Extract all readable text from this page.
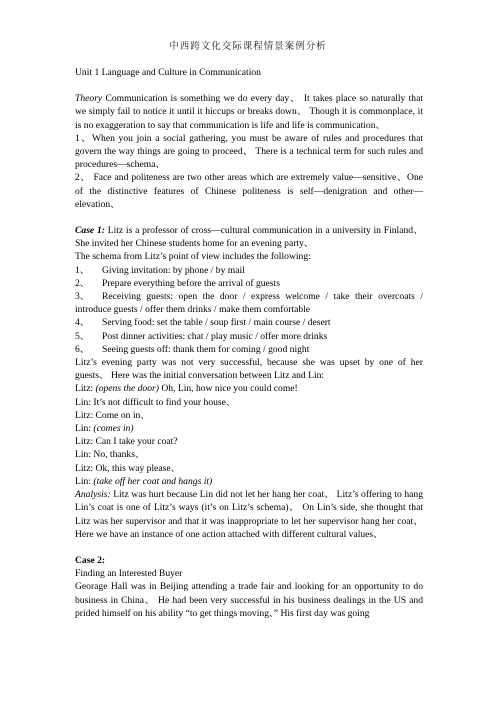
中西跨文化交际课程情景案例分析

Unit 1 Language and Culture in Communication

Theory Communication is something we do every day、 It takes place so naturally that we simply fail to notice it until it hiccups or breaks down、 Though it is commonplace, it is no exaggeration to say that communication is life and life is communication、

1、When you join a social gathering, you must be aware of rules and procedures that govern the way things are going to proceed、 There is a technical term for such rules and procedures—schema、

2、 Face and politeness are two other areas which are extremely value—sensitive、One of the distinctive features of Chinese politeness is self—denigration and other—elevation、

Case 1: Litz is a professor of cross—cultural communication in a university in Finland、 She invited her Chinese students home for an evening party、

The schema from Litz’s point of view includes the following:

1、 Giving invitation: by phone / by mail

2、 Prepare everything before the arrival of guests

3、 Receiving guests: open the door / express welcome / take their overcoats / introduce guests / offer them drinks / make them comfortable

4、 Serving food: set the table / soup first / main course / desert

5、 Post dinner activities: chat / play music / offer more drinks

6、 Seeing guests off: thank them for coming / good night

Litz’s evening party was not very successful, because she was upset by one of her guests、 Here was the initial conversation between Litz and Lin:

Litz: (opens the door) Oh, Lin, how nice you could come!

Lin: It’s not difficult to find your house、

Litz: Come on in、

Lin: (comes in)

Litz: Can I take your coat?

Lin: No, thanks、

Litz: Ok, this way please、

Lin: (take off her coat and hangs it)

Analysis: Litz was hurt because Lin did not let her hang her coat、 Litz’s offering to hang Lin’s coat is one of Litz’s ways (it’s on Litz’s schema)、 On Lin’s side, she thought that Litz was her supervisor and that it was inappropriate to let her supervisor hang her coat、 Here we have an instance of one action attached with different cultural values、

Case 2:

Finding an Interested Buyer

Georage Hall was in Beijing attending a trade fair and looking for an opportunity to do business in China、 He had been very successful in his business dealings in the US and prided himself on his ability “to get things moving、” His first day was going
